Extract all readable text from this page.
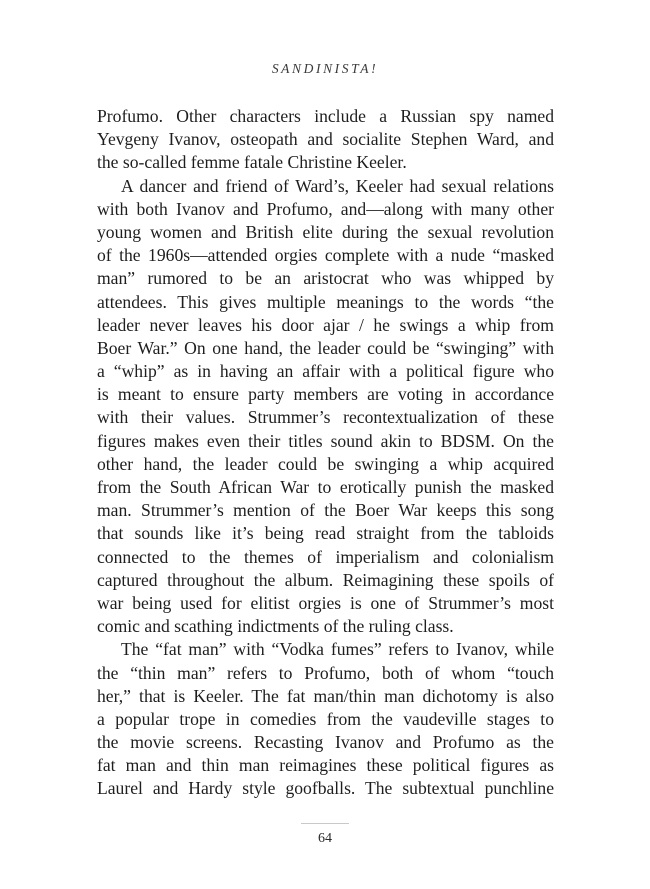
SANDINISTA!
Profumo. Other characters include a Russian spy named
Yevgeny Ivanov, osteopath and socialite Stephen Ward, and
the so-called femme fatale Christine Keeler.
A dancer and friend of Ward’s, Keeler had sexual relations
with both Ivanov and Profumo, and—along with many other
young women and British elite during the sexual revolution
of the 1960s—attended orgies complete with a nude “masked
man” rumored to be an aristocrat who was whipped by
attendees. This gives multiple meanings to the words “the
leader never leaves his door ajar / he swings a whip from
Boer War.” On one hand, the leader could be “swinging” with
a “whip” as in having an affair with a political figure who
is meant to ensure party members are voting in accordance
with their values. Strummer’s recontextualization of these
figures makes even their titles sound akin to BDSM. On the
other hand, the leader could be swinging a whip acquired
from the South African War to erotically punish the masked
man. Strummer’s mention of the Boer War keeps this song
that sounds like it’s being read straight from the tabloids
connected to the themes of imperialism and colonialism
captured throughout the album. Reimagining these spoils of
war being used for elitist orgies is one of Strummer’s most
comic and scathing indictments of the ruling class.
The “fat man” with “Vodka fumes” refers to Ivanov, while
the “thin man” refers to Profumo, both of whom “touch
her,” that is Keeler. The fat man/thin man dichotomy is also
a popular trope in comedies from the vaudeville stages to
the movie screens. Recasting Ivanov and Profumo as the
fat man and thin man reimagines these political figures as
Laurel and Hardy style goofballs. The subtextual punchline
64
